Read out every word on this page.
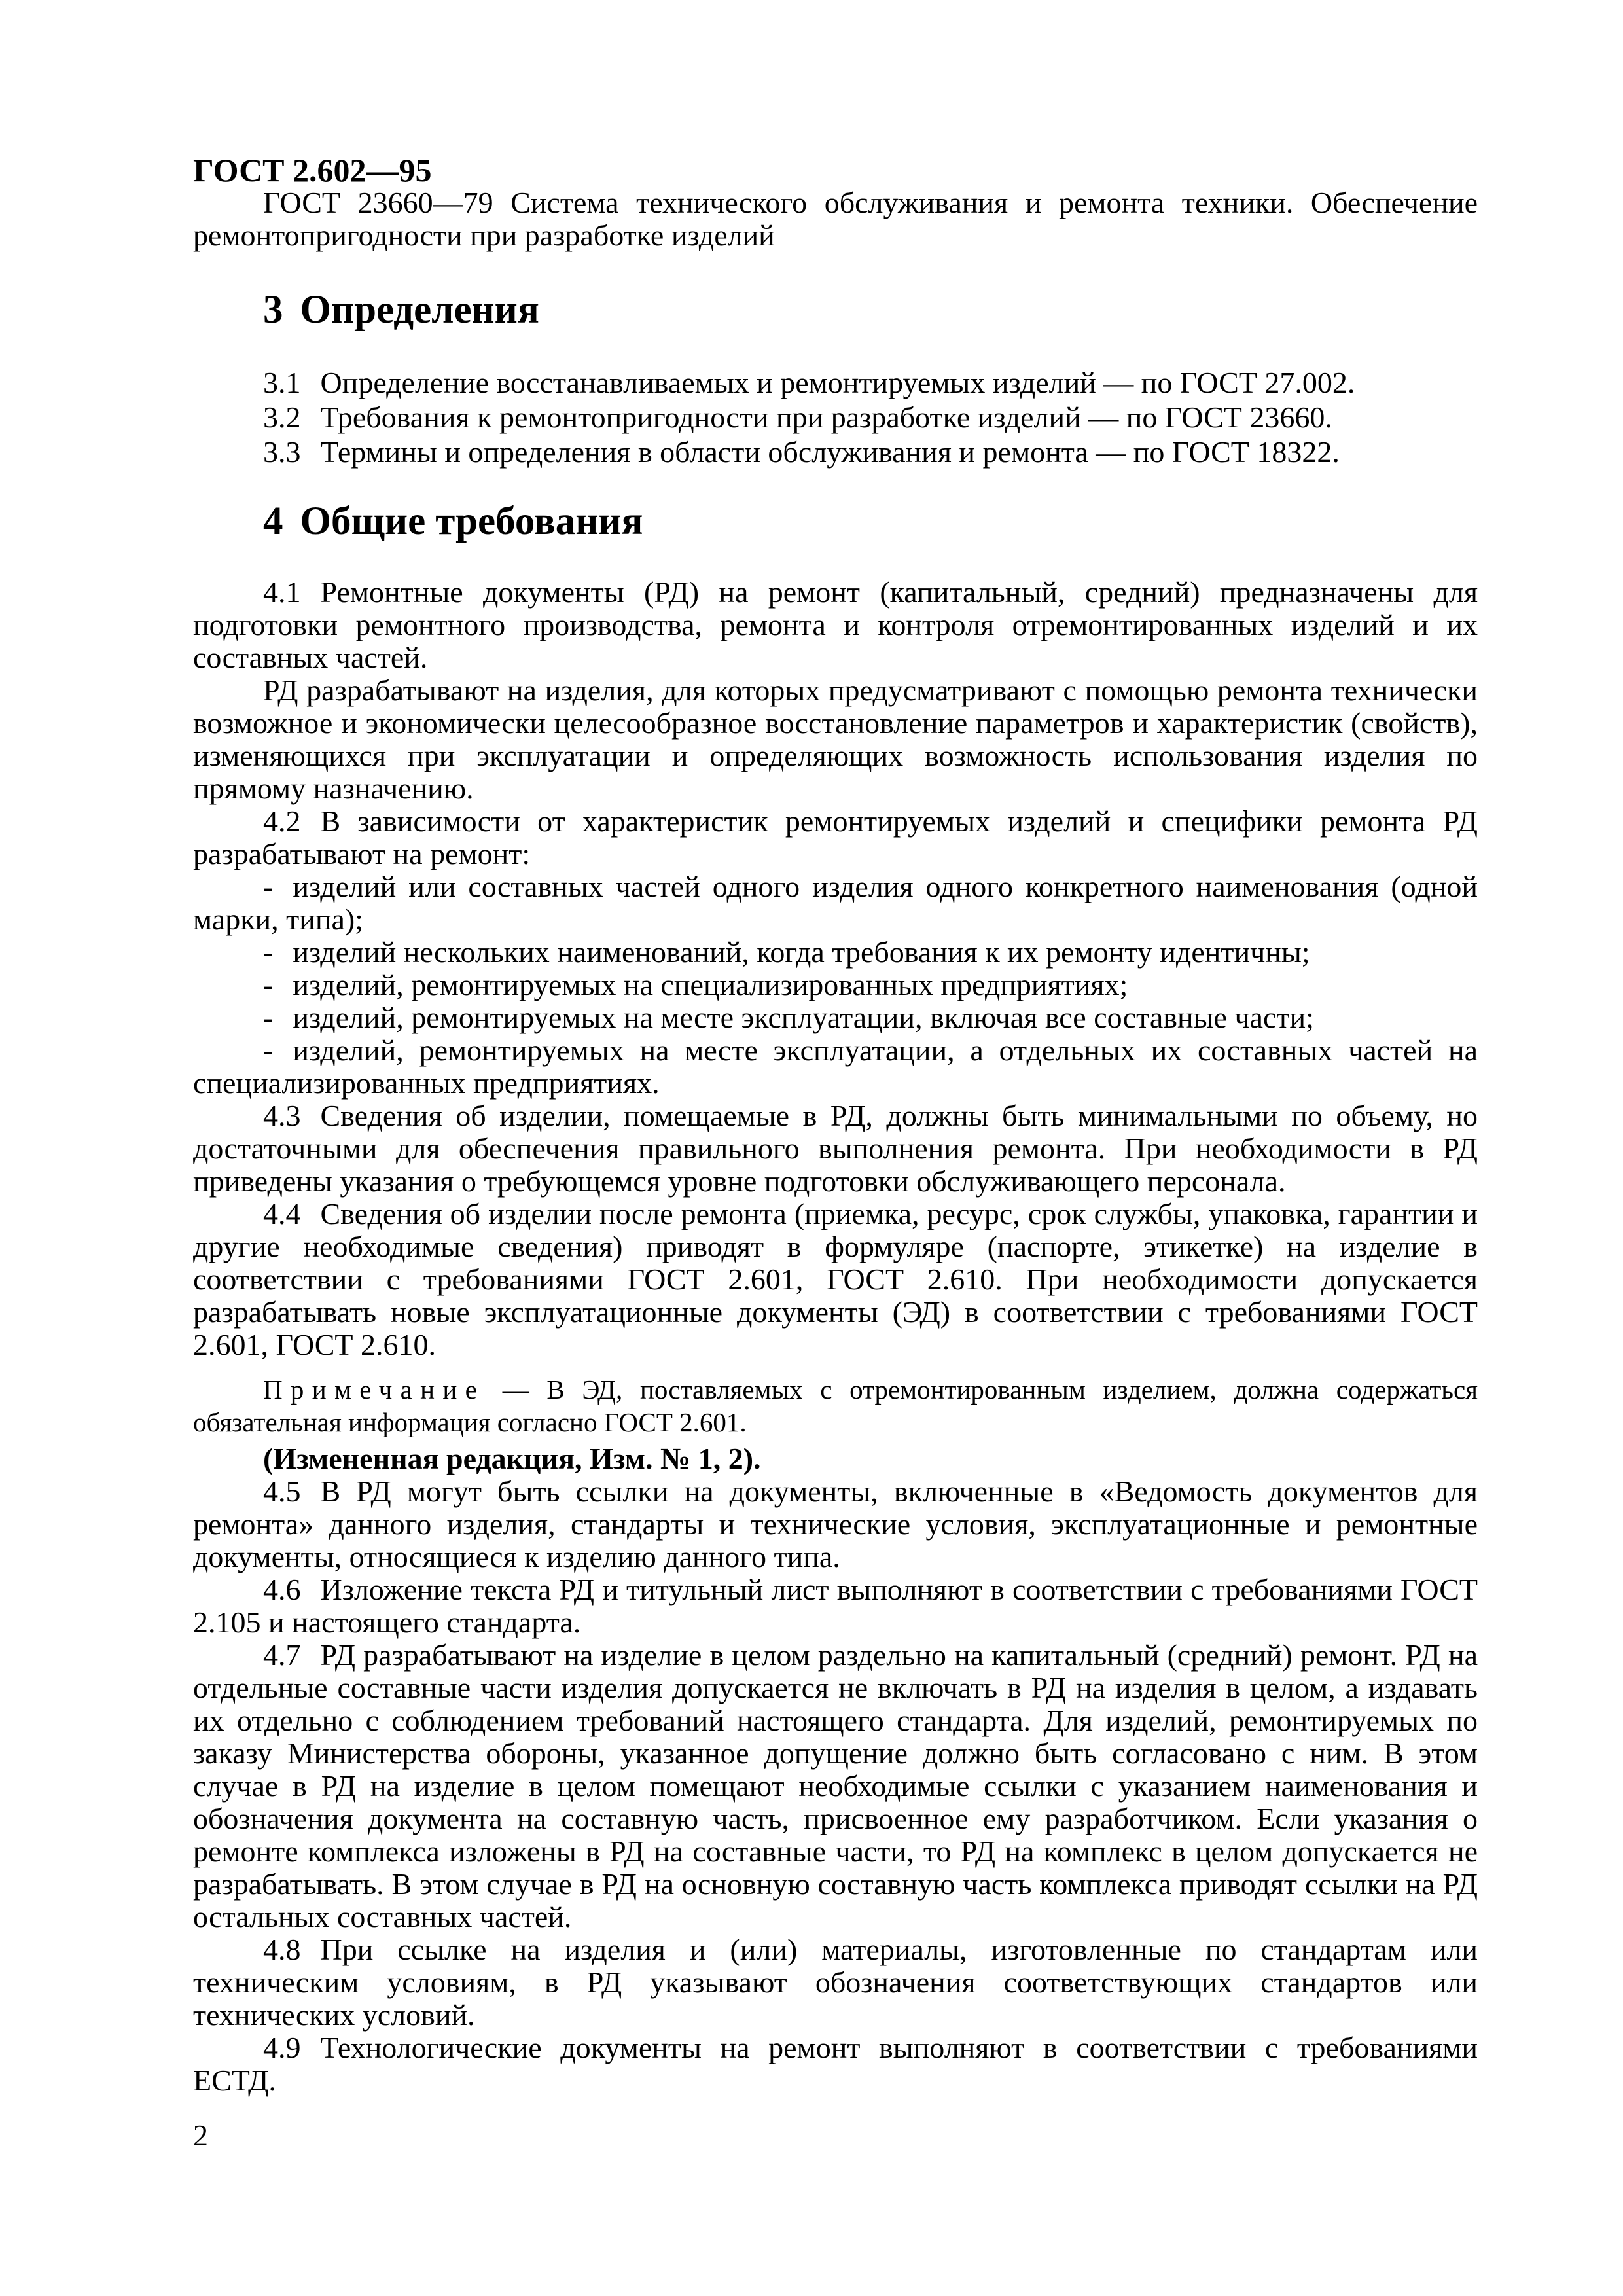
ГОСТ 2.602—95

ГОСТ 23660—79 Система технического обслуживания и ремонта техники. Обеспечение ремонтопригодности при разработке изделий

3 Определения

3.1 Определение восстанавливаемых и ремонтируемых изделий — по ГОСТ 27.002.

3.2 Требования к ремонтопригодности при разработке изделий — по ГОСТ 23660.

3.3 Термины и определения в области обслуживания и ремонта — по ГОСТ 18322.

4 Общие требования

4.1 Ремонтные документы (РД) на ремонт (капитальный, средний) предназначены для подготовки ремонтного производства, ремонта и контроля отремонтированных изделий и их составных частей.

РД разрабатывают на изделия, для которых предусматривают с помощью ремонта технически возможное и экономически целесообразное восстановление параметров и характеристик (свойств), изменяющихся при эксплуатации и определяющих возможность использования изделия по прямому назначению.

4.2 В зависимости от характеристик ремонтируемых изделий и специфики ремонта РД разрабатывают на ремонт:

- изделий или составных частей одного изделия одного конкретного наименования (одной марки, типа);

- изделий нескольких наименований, когда требования к их ремонту идентичны;

- изделий, ремонтируемых на специализированных предприятиях;

- изделий, ремонтируемых на месте эксплуатации, включая все составные части;

- изделий, ремонтируемых на месте эксплуатации, а отдельных их составных частей на специализированных предприятиях.

4.3 Сведения об изделии, помещаемые в РД, должны быть минимальными по объему, но достаточными для обеспечения правильного выполнения ремонта. При необходимости в РД приведены указания о требующемся уровне подготовки обслуживающего персонала.

4.4 Сведения об изделии после ремонта (приемка, ресурс, срок службы, упаковка, гарантии и другие необходимые сведения) приводят в формуляре (паспорте, этикетке) на изделие в соответствии с требованиями ГОСТ 2.601, ГОСТ 2.610. При необходимости допускается разрабатывать новые эксплуатационные документы (ЭД) в соответствии с требованиями ГОСТ 2.601, ГОСТ 2.610.

Примечание — В ЭД, поставляемых с отремонтированным изделием, должна содержаться обязательная информация согласно ГОСТ 2.601.

(Измененная редакция, Изм. № 1, 2).

4.5 В РД могут быть ссылки на документы, включенные в «Ведомость документов для ремонта» данного изделия, стандарты и технические условия, эксплуатационные и ремонтные документы, относящиеся к изделию данного типа.

4.6 Изложение текста РД и титульный лист выполняют в соответствии с требованиями ГОСТ 2.105 и настоящего стандарта.

4.7 РД разрабатывают на изделие в целом раздельно на капитальный (средний) ремонт. РД на отдельные составные части изделия допускается не включать в РД на изделия в целом, а издавать их отдельно с соблюдением требований настоящего стандарта. Для изделий, ремонтируемых по заказу Министерства обороны, указанное допущение должно быть согласовано с ним. В этом случае в РД на изделие в целом помещают необходимые ссылки с указанием наименования и обозначения документа на составную часть, присвоенное ему разработчиком. Если указания о ремонте комплекса изложены в РД на составные части, то РД на комплекс в целом допускается не разрабатывать. В этом случае в РД на основную составную часть комплекса приводят ссылки на РД остальных составных частей.

4.8 При ссылке на изделия и (или) материалы, изготовленные по стандартам или техническим условиям, в РД указывают обозначения соответствующих стандартов или технических условий.

4.9 Технологические документы на ремонт выполняют в соответствии с требованиями ЕСТД.

2
